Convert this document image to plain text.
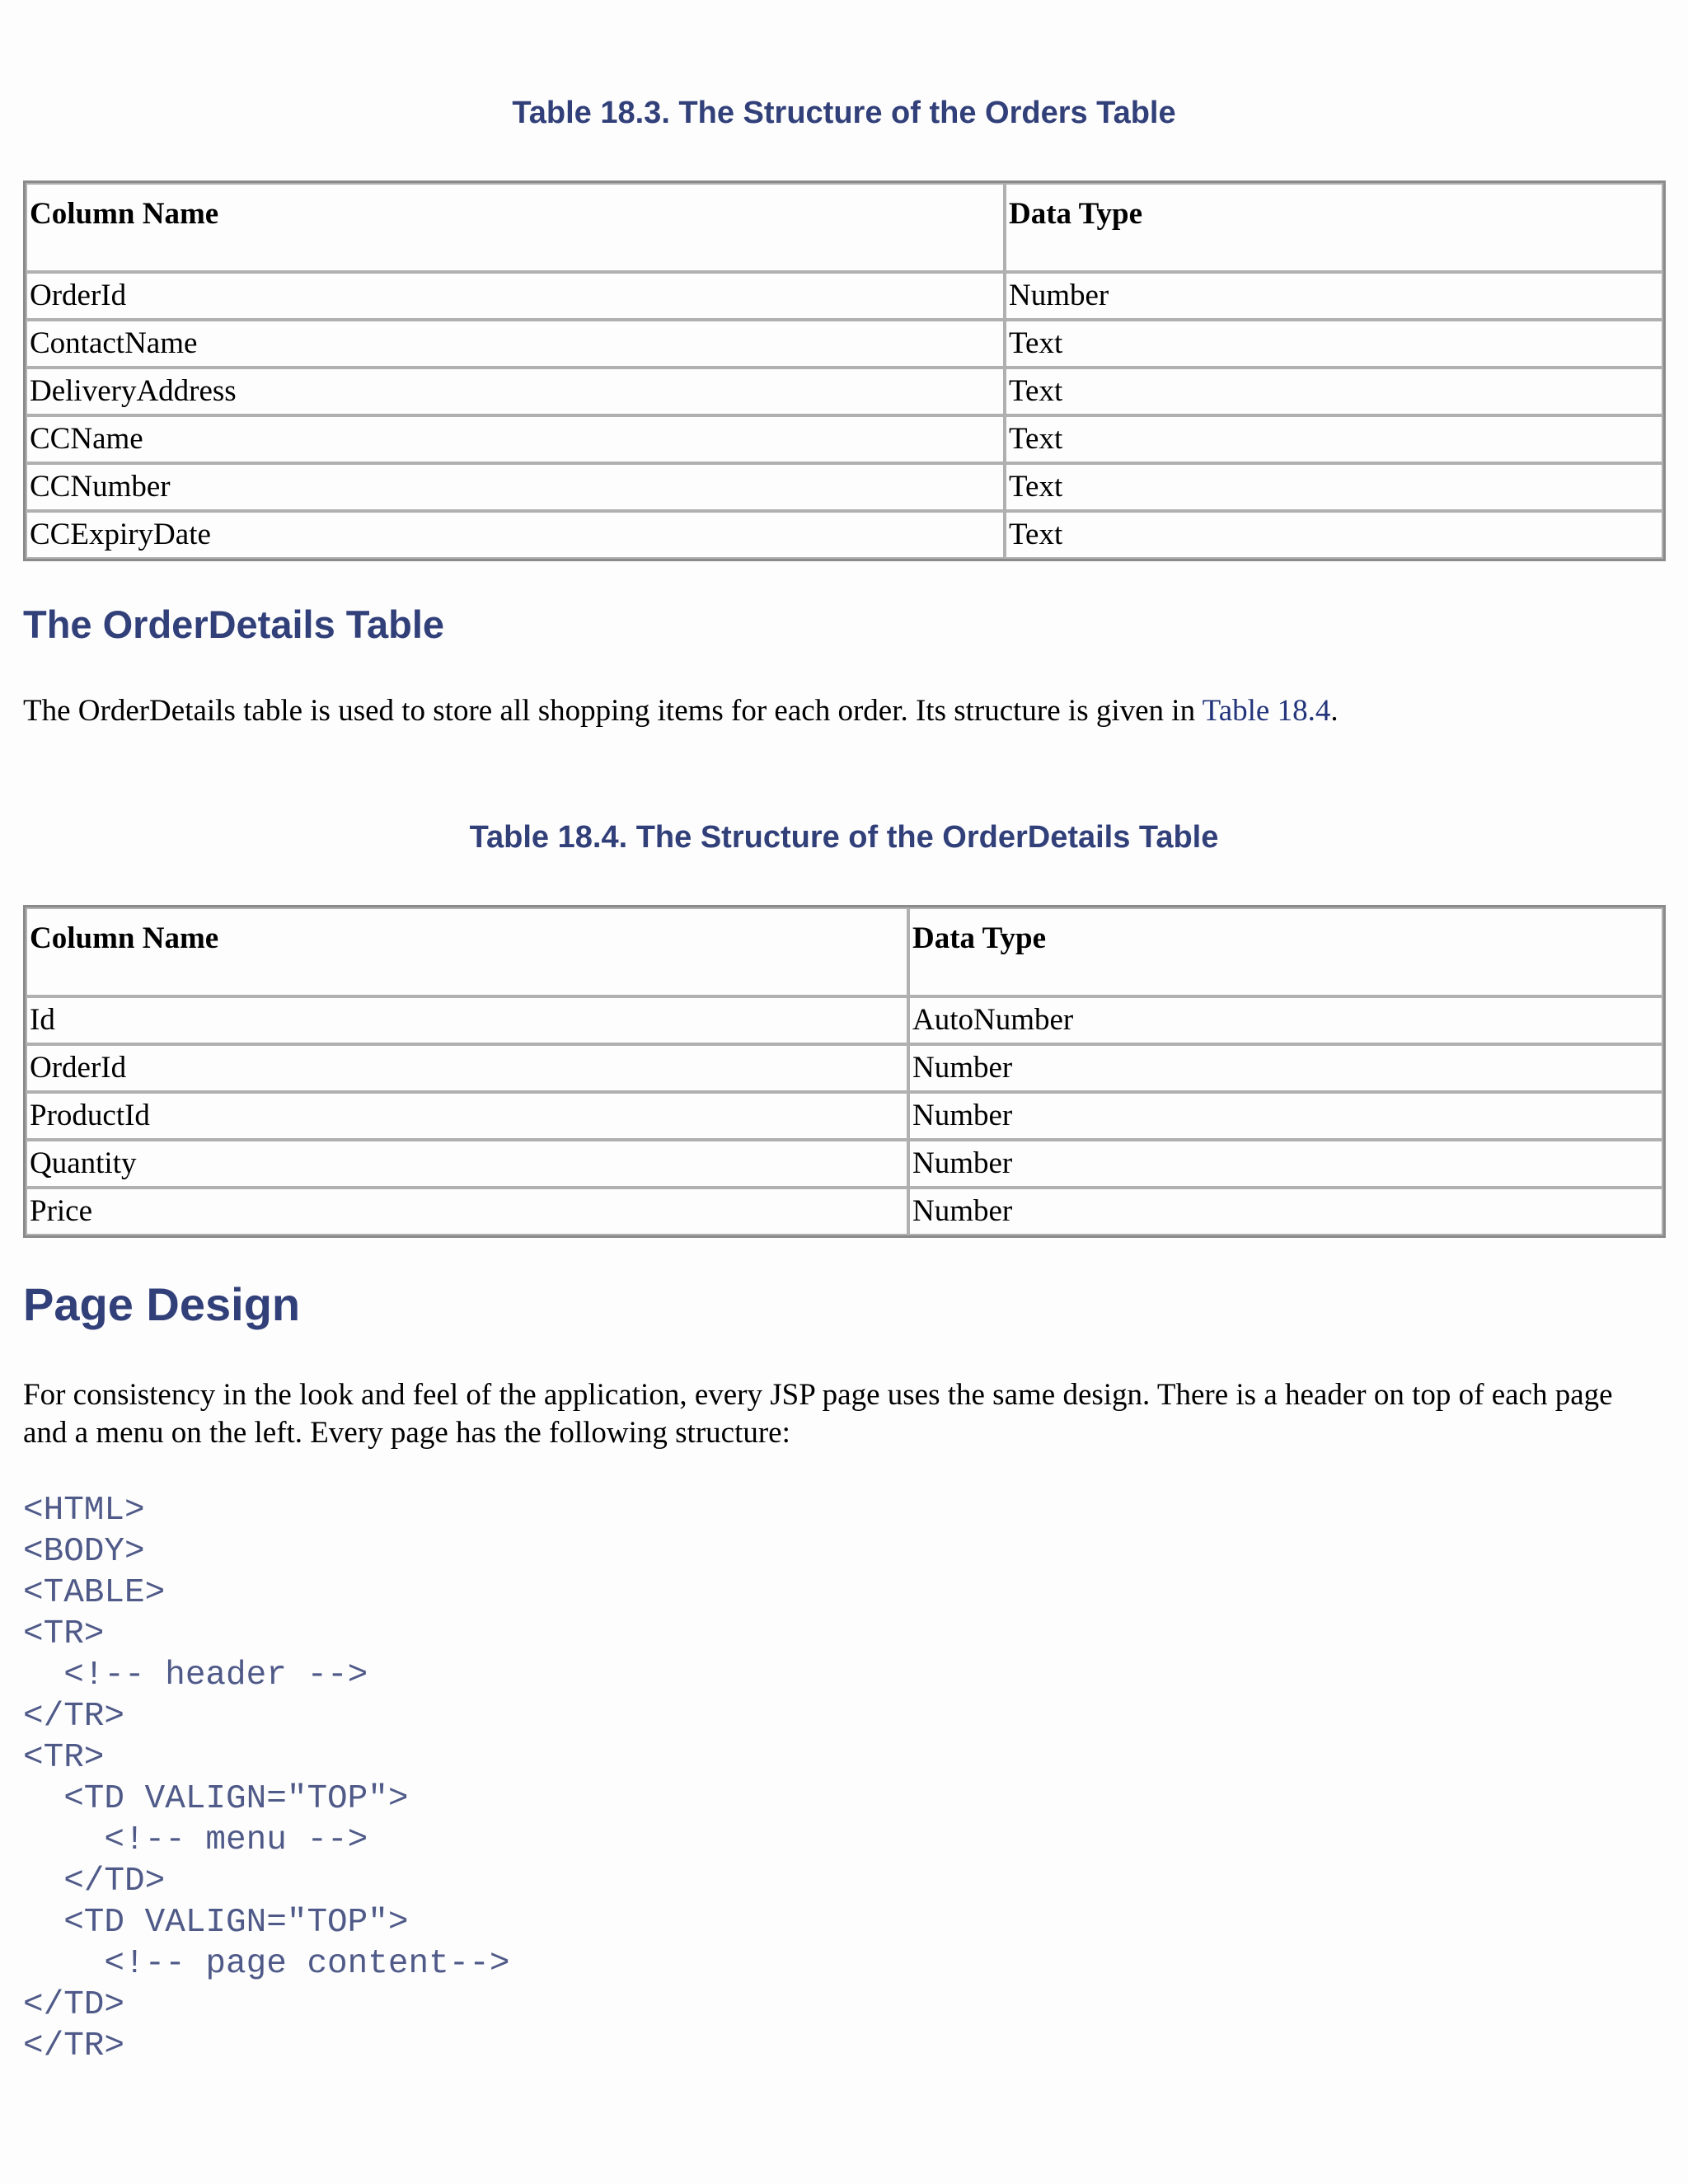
Table 18.3. The Structure of the Orders Table
Column Name	Data Type
OrderId	Number
ContactName	Text
DeliveryAddress	Text
CCName	Text
CCNumber	Text
CCExpiryDate	Text
The OrderDetails Table
The OrderDetails table is used to store all shopping items for each order. Its structure is given in Table 18.4.
Table 18.4. The Structure of the OrderDetails Table
Column Name	Data Type
Id	AutoNumber
OrderId	Number
ProductId	Number
Quantity	Number
Price	Number
Page Design
For consistency in the look and feel of the application, every JSP page uses the same design. There is a header on top of each page and a menu on the left. Every page has the following structure:
<HTML>
<BODY>
<TABLE>
<TR>
<!-- header -->
</TR>
<TR>
<TD VALIGN="TOP">
<!-- menu -->
</TD>
<TD VALIGN="TOP">
<!-- page content-->
</TD>
</TR>
